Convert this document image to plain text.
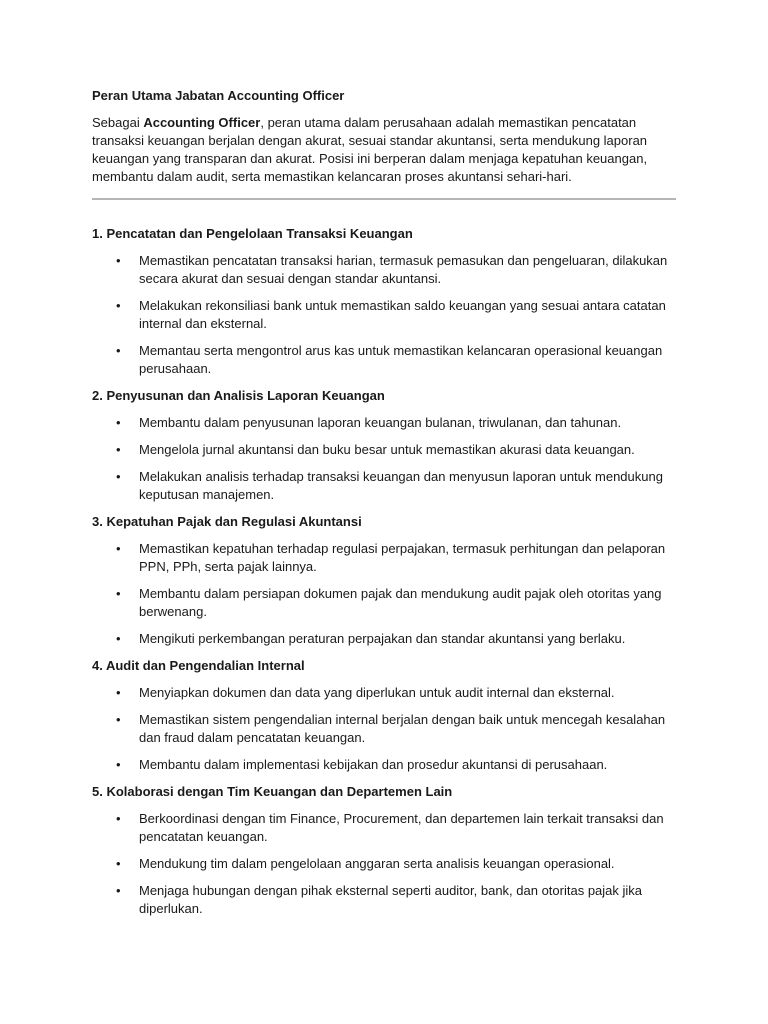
Peran Utama Jabatan Accounting Officer

Sebagai Accounting Officer, peran utama dalam perusahaan adalah memastikan pencatatan transaksi keuangan berjalan dengan akurat, sesuai standar akuntansi, serta mendukung laporan keuangan yang transparan dan akurat. Posisi ini berperan dalam menjaga kepatuhan keuangan, membantu dalam audit, serta memastikan kelancaran proses akuntansi sehari-hari.

1. Pencatatan dan Pengelolaan Transaksi Keuangan
• Memastikan pencatatan transaksi harian, termasuk pemasukan dan pengeluaran, dilakukan secara akurat dan sesuai dengan standar akuntansi.
• Melakukan rekonsiliasi bank untuk memastikan saldo keuangan yang sesuai antara catatan internal dan eksternal.
• Memantau serta mengontrol arus kas untuk memastikan kelancaran operasional keuangan perusahaan.
2. Penyusunan dan Analisis Laporan Keuangan
• Membantu dalam penyusunan laporan keuangan bulanan, triwulanan, dan tahunan.
• Mengelola jurnal akuntansi dan buku besar untuk memastikan akurasi data keuangan.
• Melakukan analisis terhadap transaksi keuangan dan menyusun laporan untuk mendukung keputusan manajemen.
3. Kepatuhan Pajak dan Regulasi Akuntansi
• Memastikan kepatuhan terhadap regulasi perpajakan, termasuk perhitungan dan pelaporan PPN, PPh, serta pajak lainnya.
• Membantu dalam persiapan dokumen pajak dan mendukung audit pajak oleh otoritas yang berwenang.
• Mengikuti perkembangan peraturan perpajakan dan standar akuntansi yang berlaku.
4. Audit dan Pengendalian Internal
• Menyiapkan dokumen dan data yang diperlukan untuk audit internal dan eksternal.
• Memastikan sistem pengendalian internal berjalan dengan baik untuk mencegah kesalahan dan fraud dalam pencatatan keuangan.
• Membantu dalam implementasi kebijakan dan prosedur akuntansi di perusahaan.
5. Kolaborasi dengan Tim Keuangan dan Departemen Lain
• Berkoordinasi dengan tim Finance, Procurement, dan departemen lain terkait transaksi dan pencatatan keuangan.
• Mendukung tim dalam pengelolaan anggaran serta analisis keuangan operasional.
• Menjaga hubungan dengan pihak eksternal seperti auditor, bank, dan otoritas pajak jika diperlukan.
